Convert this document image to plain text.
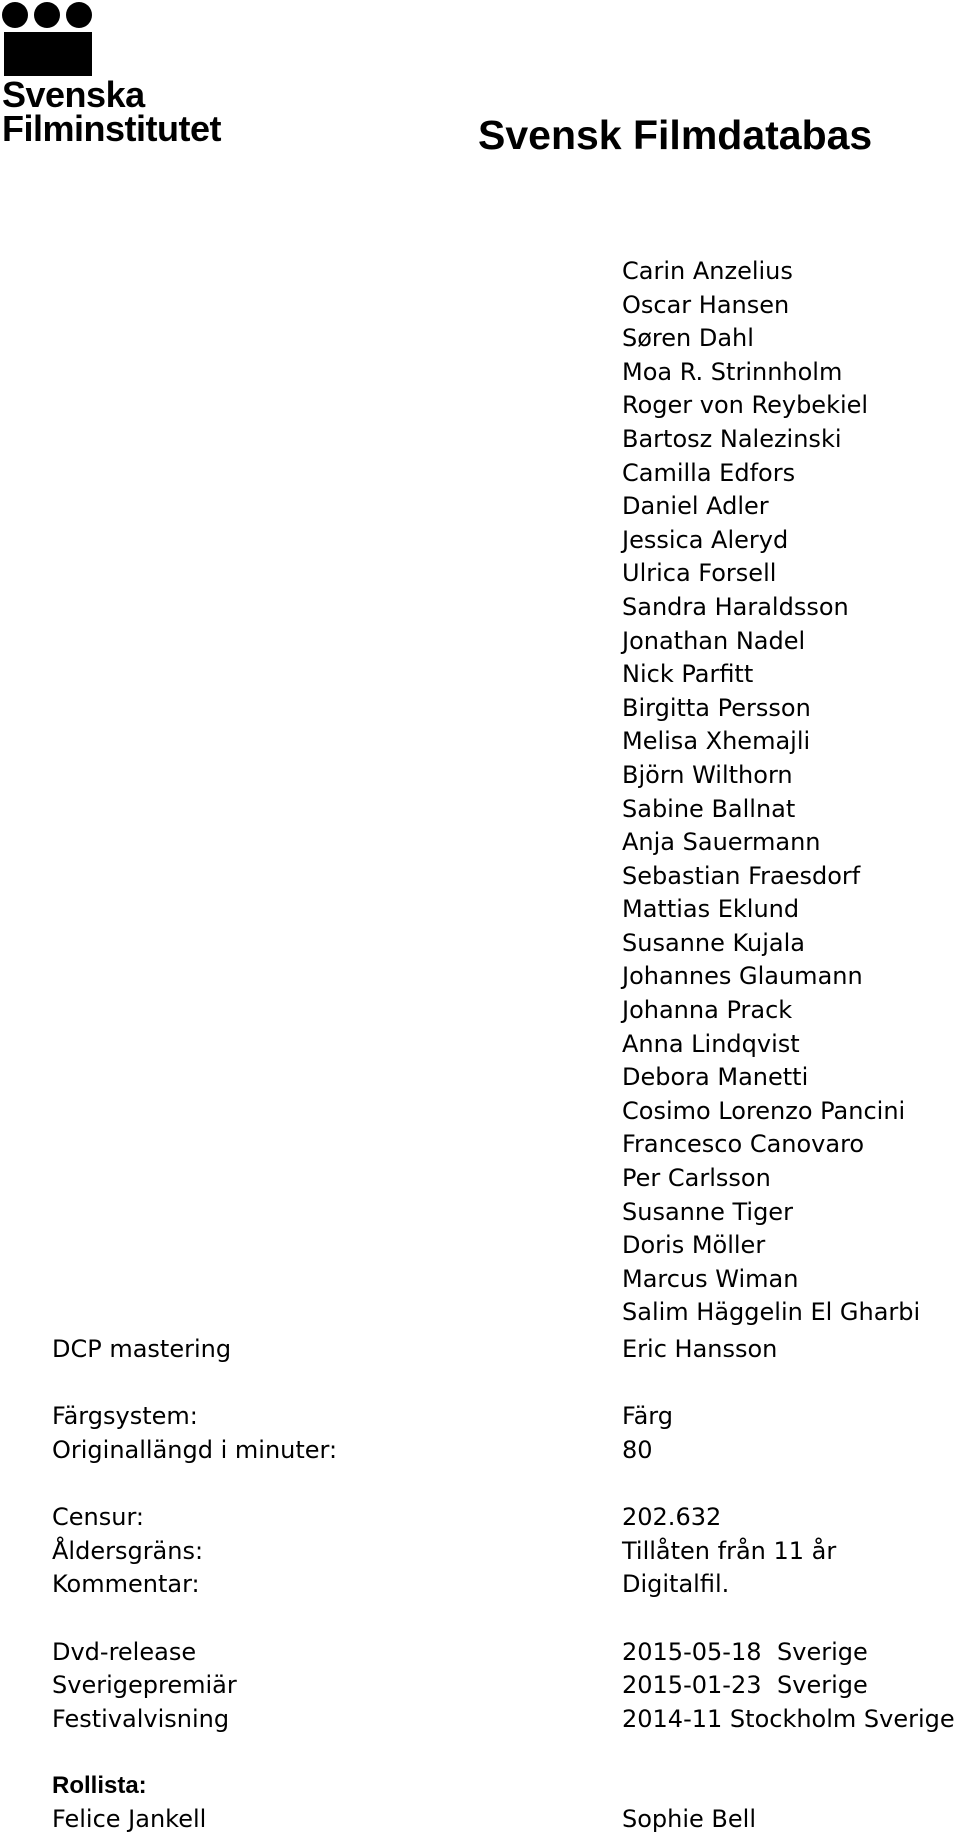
Svenska
Filminstitutet	Svensk Filmdatabas
Carin Anzelius
Oscar Hansen
Søren Dahl
Moa R. Strinnholm
Roger von Reybekiel
Bartosz Nalezinski
Camilla Edfors
Daniel Adler
Jessica Aleryd
Ulrica Forsell
Sandra Haraldsson
Jonathan Nadel
Nick Parfitt
Birgitta Persson
Melisa Xhemajli
Björn Wilthorn
Sabine Ballnat
Anja Sauermann
Sebastian Fraesdorf
Mattias Eklund
Susanne Kujala
Johannes Glaumann
Johanna Prack
Anna Lindqvist
Debora Manetti
Cosimo Lorenzo Pancini
Francesco Canovaro
Per Carlsson
Susanne Tiger
Doris Möller
Marcus Wiman
Salim Häggelin El Gharbi
DCP mastering	Eric Hansson
Färgsystem:	Färg
Originallängd i minuter:	80
Censur:	202.632
Åldersgräns:	Tillåten från 11 år
Kommentar:	Digitalfil.
Dvd-release	2015-05-18 Sverige
Sverigepremiär	2015-01-23 Sverige
Festivalvisning	2014-11 Stockholm Sverige
Rollista:
Felice Jankell	Sophie Bell
